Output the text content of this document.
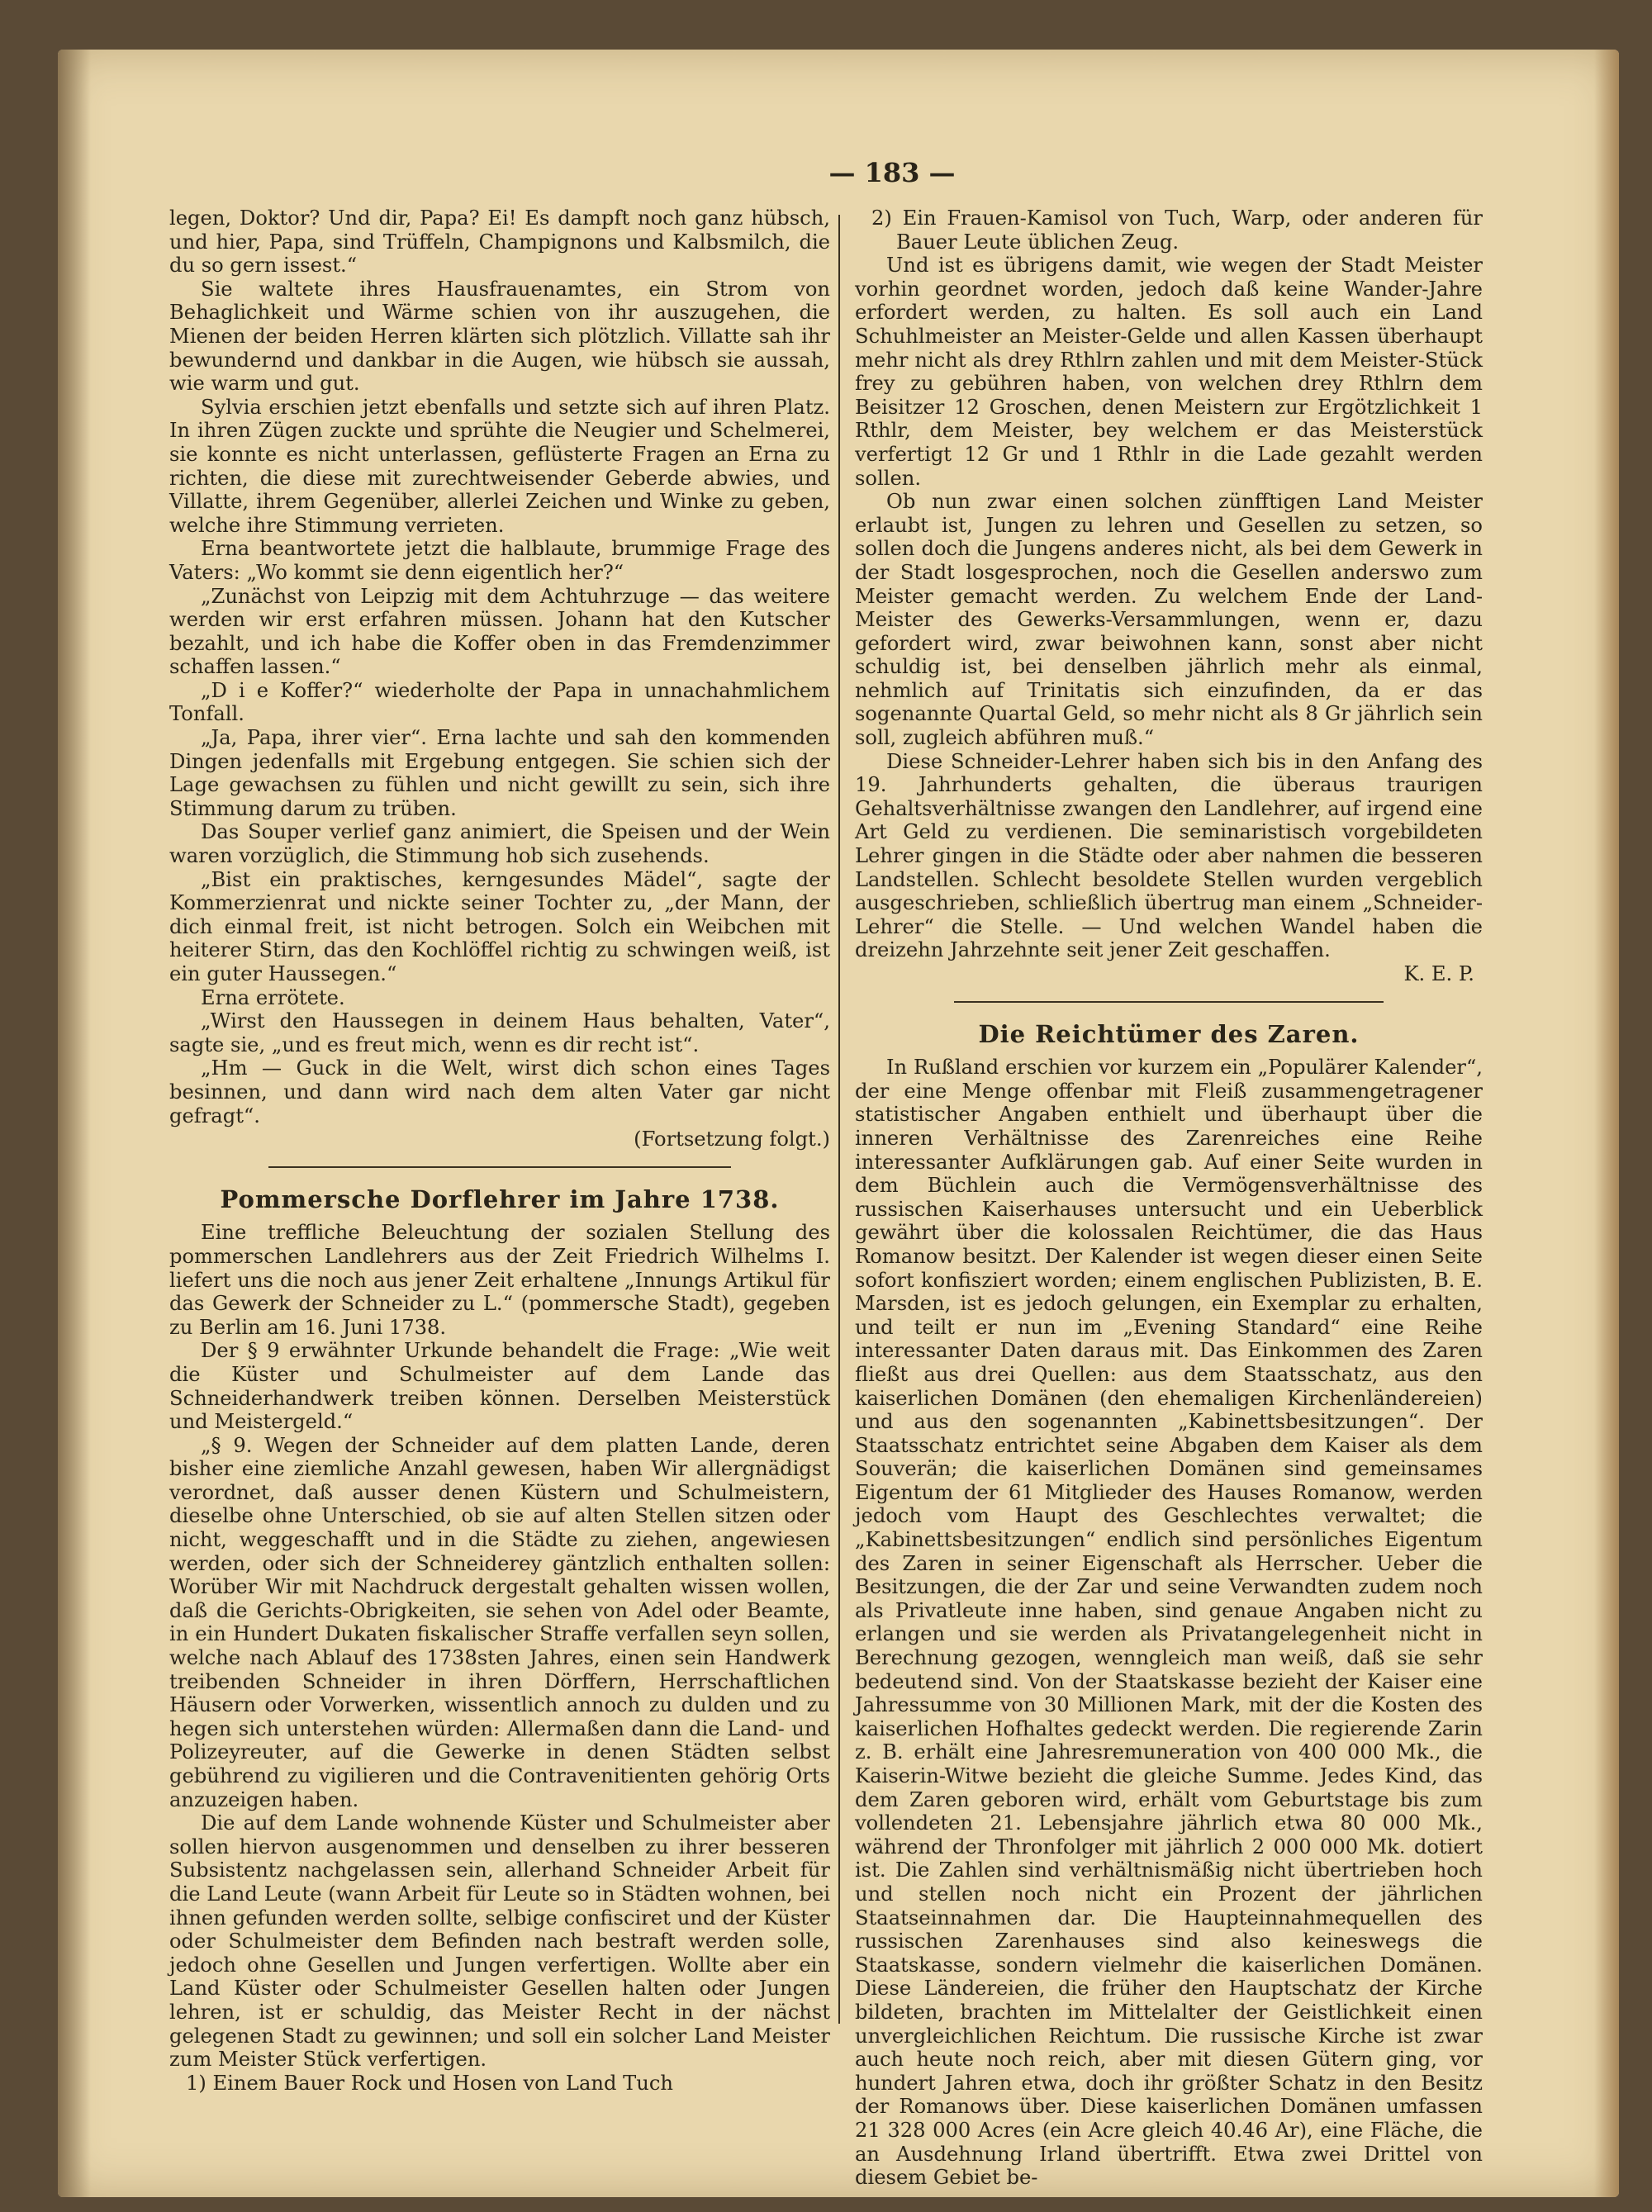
— 183 —

legen, Doktor? Und dir, Papa? Ei! Es dampft noch ganz hübsch, und hier, Papa, sind Trüffeln, Champignons und Kalbsmilch, die du so gern issest.“

Sie waltete ihres Hausfrauenamtes, ein Strom von Behaglichkeit und Wärme schien von ihr auszugehen, die Mienen der beiden Herren klärten sich plötzlich. Villatte sah ihr bewundernd und dankbar in die Augen, wie hübsch sie aussah, wie warm und gut.

Sylvia erschien jetzt ebenfalls und setzte sich auf ihren Platz. In ihren Zügen zuckte und sprühte die Neugier und Schelmerei, sie konnte es nicht unterlassen, geflüsterte Fragen an Erna zu richten, die diese mit zurechtweisender Geberde abwies, und Villatte, ihrem Gegenüber, allerlei Zeichen und Winke zu geben, welche ihre Stimmung verrieten.

Erna beantwortete jetzt die halblaute, brummige Frage des Vaters: „Wo kommt sie denn eigentlich her?“

„Zunächst von Leipzig mit dem Achtuhrzuge — das weitere werden wir erst erfahren müssen. Johann hat den Kutscher bezahlt, und ich habe die Koffer oben in das Fremdenzimmer schaffen lassen.“

„D i e Koffer?“ wiederholte der Papa in unnachahmlichem Tonfall.

„Ja, Papa, ihrer vier“. Erna lachte und sah den kommenden Dingen jedenfalls mit Ergebung entgegen. Sie schien sich der Lage gewachsen zu fühlen und nicht gewillt zu sein, sich ihre Stimmung darum zu trüben.

Das Souper verlief ganz animiert, die Speisen und der Wein waren vorzüglich, die Stimmung hob sich zusehends.

„Bist ein praktisches, kerngesundes Mädel“, sagte der Kommerzienrat und nickte seiner Tochter zu, „der Mann, der dich einmal freit, ist nicht betrogen. Solch ein Weibchen mit heiterer Stirn, das den Kochlöffel richtig zu schwingen weiß, ist ein guter Haussegen.“

Erna errötete.

„Wirst den Haussegen in deinem Haus behalten, Vater“, sagte sie, „und es freut mich, wenn es dir recht ist“.

„Hm — Guck in die Welt, wirst dich schon eines Tages besinnen, und dann wird nach dem alten Vater gar nicht gefragt“.

(Fortsetzung folgt.)

Pommersche Dorflehrer im Jahre 1738.

Eine treffliche Beleuchtung der sozialen Stellung des pommerschen Landlehrers aus der Zeit Friedrich Wilhelms I. liefert uns die noch aus jener Zeit erhaltene „Innungs Artikul für das Gewerk der Schneider zu L.“ (pommersche Stadt), gegeben zu Berlin am 16. Juni 1738.

Der § 9 erwähnter Urkunde behandelt die Frage: „Wie weit die Küster und Schulmeister auf dem Lande das Schneiderhandwerk treiben können. Derselben Meisterstück und Meistergeld.“

„§ 9. Wegen der Schneider auf dem platten Lande, deren bisher eine ziemliche Anzahl gewesen, haben Wir allergnädigst verordnet, daß ausser denen Küstern und Schulmeistern, dieselbe ohne Unterschied, ob sie auf alten Stellen sitzen oder nicht, weggeschafft und in die Städte zu ziehen, angewiesen werden, oder sich der Schneiderey gäntzlich enthalten sollen: Worüber Wir mit Nachdruck dergestalt gehalten wissen wollen, daß die Gerichts-Obrigkeiten, sie sehen von Adel oder Beamte, in ein Hundert Dukaten fiskalischer Straffe verfallen seyn sollen, welche nach Ablauf des 1738sten Jahres, einen sein Handwerk treibenden Schneider in ihren Dörffern, Herrschaftlichen Häusern oder Vorwerken, wissentlich annoch zu dulden und zu hegen sich unterstehen würden: Allermaßen dann die Land- und Polizeyreuter, auf die Gewerke in denen Städten selbst gebührend zu vigilieren und die Contravenitienten gehörig Orts anzuzeigen haben.

Die auf dem Lande wohnende Küster und Schulmeister aber sollen hiervon ausgenommen und denselben zu ihrer besseren Subsistentz nachgelassen sein, allerhand Schneider Arbeit für die Land Leute (wann Arbeit für Leute so in Städten wohnen, bei ihnen gefunden werden sollte, selbige confisciret und der Küster oder Schulmeister dem Befinden nach bestraft werden solle, jedoch ohne Gesellen und Jungen verfertigen. Wollte aber ein Land Küster oder Schulmeister Gesellen halten oder Jungen lehren, ist er schuldig, das Meister Recht in der nächst gelegenen Stadt zu gewinnen; und soll ein solcher Land Meister zum Meister Stück verfertigen.

1) Einem Bauer Rock und Hosen von Land Tuch

2) Ein Frauen-Kamisol von Tuch, Warp, oder anderen für Bauer Leute üblichen Zeug.

Und ist es übrigens damit, wie wegen der Stadt Meister vorhin geordnet worden, jedoch daß keine Wander-Jahre erfordert werden, zu halten. Es soll auch ein Land Schuhlmeister an Meister-Gelde und allen Kassen überhaupt mehr nicht als drey Rthlrn zahlen und mit dem Meister-Stück frey zu gebühren haben, von welchen drey Rthlrn dem Beisitzer 12 Groschen, denen Meistern zur Ergötzlichkeit 1 Rthlr, dem Meister, bey welchem er das Meisterstück verfertigt 12 Gr und 1 Rthlr in die Lade gezahlt werden sollen.

Ob nun zwar einen solchen zünfftigen Land Meister erlaubt ist, Jungen zu lehren und Gesellen zu setzen, so sollen doch die Jungens anderes nicht, als bei dem Gewerk in der Stadt losgesprochen, noch die Gesellen anderswo zum Meister gemacht werden. Zu welchem Ende der Land-Meister des Gewerks-Versammlungen, wenn er, dazu gefordert wird, zwar beiwohnen kann, sonst aber nicht schuldig ist, bei denselben jährlich mehr als einmal, nehmlich auf Trinitatis sich einzufinden, da er das sogenannte Quartal Geld, so mehr nicht als 8 Gr jährlich sein soll, zugleich abführen muß.“

Diese Schneider-Lehrer haben sich bis in den Anfang des 19. Jahrhunderts gehalten, die überaus traurigen Gehaltsverhältnisse zwangen den Landlehrer, auf irgend eine Art Geld zu verdienen. Die seminaristisch vorgebildeten Lehrer gingen in die Städte oder aber nahmen die besseren Landstellen. Schlecht besoldete Stellen wurden vergeblich ausgeschrieben, schließlich übertrug man einem „Schneider-Lehrer“ die Stelle. — Und welchen Wandel haben die dreizehn Jahrzehnte seit jener Zeit geschaffen.

K. E. P.
Die Reichtümer des Zaren.

In Rußland erschien vor kurzem ein „Populärer Kalender“, der eine Menge offenbar mit Fleiß zusammengetragener statistischer Angaben enthielt und überhaupt über die inneren Verhältnisse des Zarenreiches eine Reihe interessanter Aufklärungen gab. Auf einer Seite wurden in dem Büchlein auch die Vermögensverhältnisse des russischen Kaiserhauses untersucht und ein Ueberblick gewährt über die kolossalen Reichtümer, die das Haus Romanow besitzt. Der Kalender ist wegen dieser einen Seite sofort konfisziert worden; einem englischen Publizisten, B. E. Marsden, ist es jedoch gelungen, ein Exemplar zu erhalten, und teilt er nun im „Evening Standard“ eine Reihe interessanter Daten daraus mit. Das Einkommen des Zaren fließt aus drei Quellen: aus dem Staatsschatz, aus den kaiserlichen Domänen (den ehemaligen Kirchenländereien) und aus den sogenannten „Kabinettsbesitzungen“. Der Staatsschatz entrichtet seine Abgaben dem Kaiser als dem Souverän; die kaiserlichen Domänen sind gemeinsames Eigentum der 61 Mitglieder des Hauses Romanow, werden jedoch vom Haupt des Geschlechtes verwaltet; die „Kabinettsbesitzungen“ endlich sind persönliches Eigentum des Zaren in seiner Eigenschaft als Herrscher. Ueber die Besitzungen, die der Zar und seine Verwandten zudem noch als Privatleute inne haben, sind genaue Angaben nicht zu erlangen und sie werden als Privatangelegenheit nicht in Berechnung gezogen, wenngleich man weiß, daß sie sehr bedeutend sind. Von der Staatskasse bezieht der Kaiser eine Jahressumme von 30 Millionen Mark, mit der die Kosten des kaiserlichen Hofhaltes gedeckt werden. Die regierende Zarin z. B. erhält eine Jahresremuneration von 400 000 Mk., die Kaiserin-Witwe bezieht die gleiche Summe. Jedes Kind, das dem Zaren geboren wird, erhält vom Geburtstage bis zum vollendeten 21. Lebensjahre jährlich etwa 80 000 Mk., während der Thronfolger mit jährlich 2 000 000 Mk. dotiert ist. Die Zahlen sind verhältnismäßig nicht übertrieben hoch und stellen noch nicht ein Prozent der jährlichen Staatseinnahmen dar. Die Haupteinnahmequellen des russischen Zarenhauses sind also keineswegs die Staatskasse, sondern vielmehr die kaiserlichen Domänen. Diese Ländereien, die früher den Hauptschatz der Kirche bildeten, brachten im Mittelalter der Geistlichkeit einen unvergleichlichen Reichtum. Die russische Kirche ist zwar auch heute noch reich, aber mit diesen Gütern ging, vor hundert Jahren etwa, doch ihr größter Schatz in den Besitz der Romanows über. Diese kaiserlichen Domänen umfassen 21 328 000 Acres (ein Acre gleich 40.46 Ar), eine Fläche, die an Ausdehnung Irland übertrifft. Etwa zwei Drittel von diesem Gebiet be-
